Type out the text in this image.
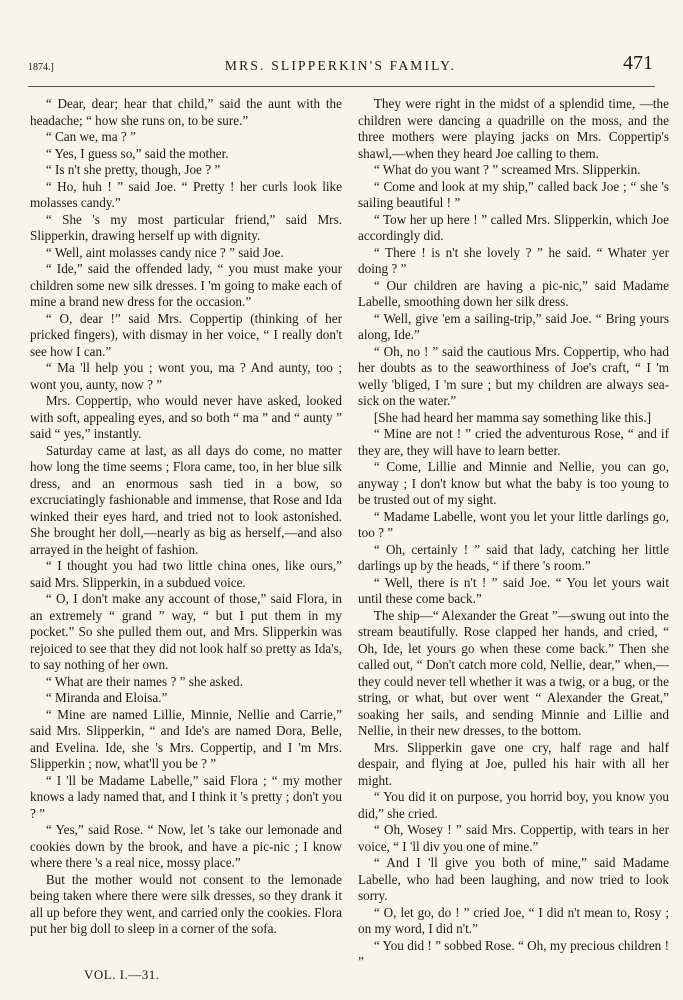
1874.]	MRS. SLIPPERKIN'S FAMILY.	471

“ Dear, dear; hear that child,” said the aunt with the headache; “ how she runs on, to be sure.”

“ Can we, ma ? ”

“ Yes, I guess so,” said the mother.

“ Is n't she pretty, though, Joe ? ”

“ Ho, huh ! ” said Joe. “ Pretty ! her curls look like molasses candy.”

“ She 's my most particular friend,” said Mrs. Slipperkin, drawing herself up with dignity.

“ Well, aint molasses candy nice ? ” said Joe.

“ Ide,” said the offended lady, “ you must make your children some new silk dresses. I 'm going to make each of mine a brand new dress for the occasion.”

“ O, dear !” said Mrs. Coppertip (thinking of her pricked fingers), with dismay in her voice, “ I really don't see how I can.”

“ Ma 'll help you ; wont you, ma ? And aunty, too ; wont you, aunty, now ? ”

Mrs. Coppertip, who would never have asked, looked with soft, appealing eyes, and so both “ ma ” and “ aunty ” said “ yes,” instantly.

Saturday came at last, as all days do come, no matter how long the time seems ; Flora came, too, in her blue silk dress, and an enormous sash tied in a bow, so excruciatingly fashionable and immense, that Rose and Ida winked their eyes hard, and tried not to look astonished. She brought her doll,—nearly as big as herself,—and also arrayed in the height of fashion.

“ I thought you had two little china ones, like ours,” said Mrs. Slipperkin, in a subdued voice.

“ O, I don't make any account of those,” said Flora, in an extremely “ grand ” way, “ but I put them in my pocket.” So she pulled them out, and Mrs. Slipperkin was rejoiced to see that they did not look half so pretty as Ida's, to say nothing of her own.

“ What are their names ? ” she asked.

“ Miranda and Eloisa.”

“ Mine are named Lillie, Minnie, Nellie and Carrie,” said Mrs. Slipperkin, “ and Ide's are named Dora, Belle, and Evelina. Ide, she 's Mrs. Coppertip, and I 'm Mrs. Slipperkin ; now, what'll you be ? ”

“ I 'll be Madame Labelle,” said Flora ; “ my mother knows a lady named that, and I think it 's pretty ; don't you ? ”

“ Yes,” said Rose. “ Now, let 's take our lemonade and cookies down by the brook, and have a pic-nic ; I know where there 's a real nice, mossy place.”

But the mother would not consent to the lemonade being taken where there were silk dresses, so they drank it all up before they went, and carried only the cookies. Flora put her big doll to sleep in a corner of the sofa.

They were right in the midst of a splendid time, —the children were dancing a quadrille on the moss, and the three mothers were playing jacks on Mrs. Coppertip's shawl,—when they heard Joe calling to them.

“ What do you want ? ” screamed Mrs. Slipperkin.

“ Come and look at my ship,” called back Joe ; “ she 's sailing beautiful ! ”

“ Tow her up here ! ” called Mrs. Slipperkin, which Joe accordingly did.

“ There ! is n't she lovely ? ” he said. “ Whater yer doing ? ”

“ Our children are having a pic-nic,” said Madame Labelle, smoothing down her silk dress.

“ Well, give 'em a sailing-trip,” said Joe. “ Bring yours along, Ide.”

“ Oh, no ! ” said the cautious Mrs. Coppertip, who had her doubts as to the seaworthiness of Joe's craft, “ I 'm welly 'bliged, I 'm sure ; but my children are always sea-sick on the water.”

[She had heard her mamma say something like this.]

“ Mine are not ! ” cried the adventurous Rose, “ and if they are, they will have to learn better.

“ Come, Lillie and Minnie and Nellie, you can go, anyway ; I don't know but what the baby is too young to be trusted out of my sight.

“ Madame Labelle, wont you let your little darlings go, too ? ”

“ Oh, certainly ! ” said that lady, catching her little darlings up by the heads, “ if there 's room.”

“ Well, there is n't ! ” said Joe. “ You let yours wait until these come back.”

The ship—“ Alexander the Great ”—swung out into the stream beautifully. Rose clapped her hands, and cried, “ Oh, Ide, let yours go when these come back.” Then she called out, “ Don't catch more cold, Nellie, dear,” when,—they could never tell whether it was a twig, or a bug, or the string, or what, but over went “ Alexander the Great,” soaking her sails, and sending Minnie and Lillie and Nellie, in their new dresses, to the bottom.

Mrs. Slipperkin gave one cry, half rage and half despair, and flying at Joe, pulled his hair with all her might.

“ You did it on purpose, you horrid boy, you know you did,” she cried.

“ Oh, Wosey ! ” said Mrs. Coppertip, with tears in her voice, “ I 'll div you one of mine.”

“ And I 'll give you both of mine,” said Madame Labelle, who had been laughing, and now tried to look sorry.

“ O, let go, do ! ” cried Joe, “ I did n't mean to, Rosy ; on my word, I did n't.”

“ You did ! ” sobbed Rose. “ Oh, my precious children ! ”

VOL. I.—31.
